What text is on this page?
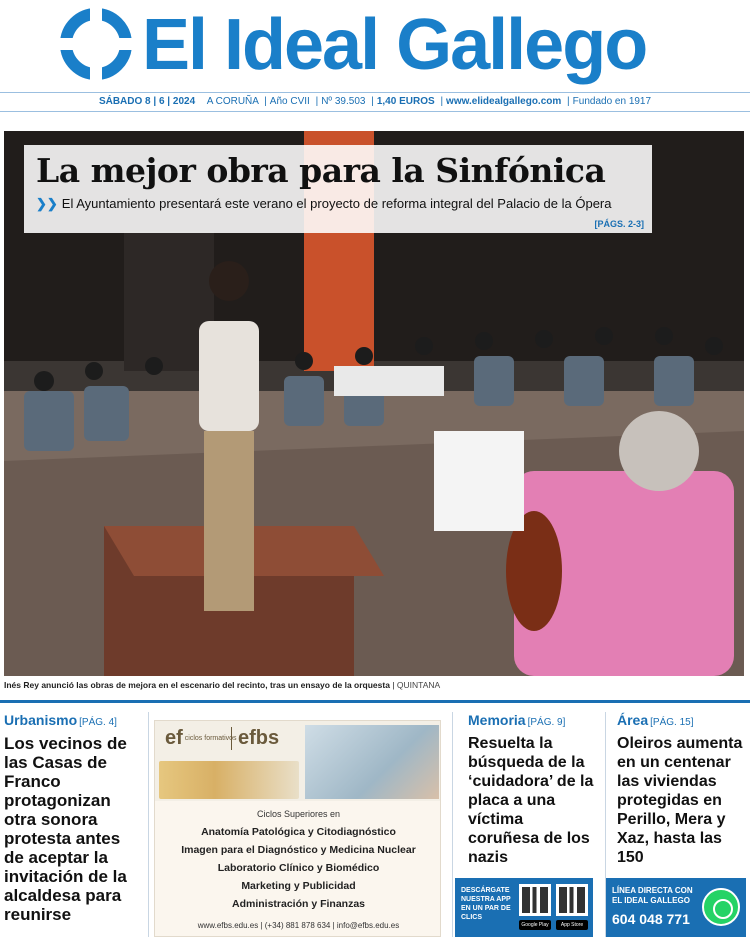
El Ideal Gallego
SÁBADO 8 | 6 | 2024 A CORUÑA | Año CVII | Nº 39.503 | 1,40 EUROS | www.elidealgallego.com | Fundado en 1917
La mejor obra para la Sinfónica
❯❯ El Ayuntamiento presentará este verano el proyecto de reforma integral del Palacio de la Ópera
[PÁGS. 2-3]
Inés Rey anunció las obras de mejora en el escenario del recinto, tras un ensayo de la orquesta | QUINTANA
Urbanismo [PÁG. 4]
Los vecinos de las Casas de Franco protagonizan otra sonora protesta antes de aceptar la invitación de la alcaldesa para reunirse
ef ciclos formativos efbs
Ciclos Superiores en
Anatomía Patológica y Citodiagnóstico
Imagen para el Diagnóstico y Medicina Nuclear
Laboratorio Clínico y Biomédico
Marketing y Publicidad
Administración y Finanzas
www.efbs.edu.es | (+34) 881 878 634 | info@efbs.edu.es
Memoria [PÁG. 9]
Resuelta la búsqueda de la ‘cuidadora’ de la placa a una víctima coruñesa de los nazis
Área [PÁG. 15]
Oleiros aumenta en un centenar las viviendas protegidas en Perillo, Mera y Xaz, hasta las 150
DESCÁRGATE NUESTRA APP EN UN PAR DE CLICS
Google Play	App Store
LÍNEA DIRECTA CON EL IDEAL GALLEGO
604 048 771
